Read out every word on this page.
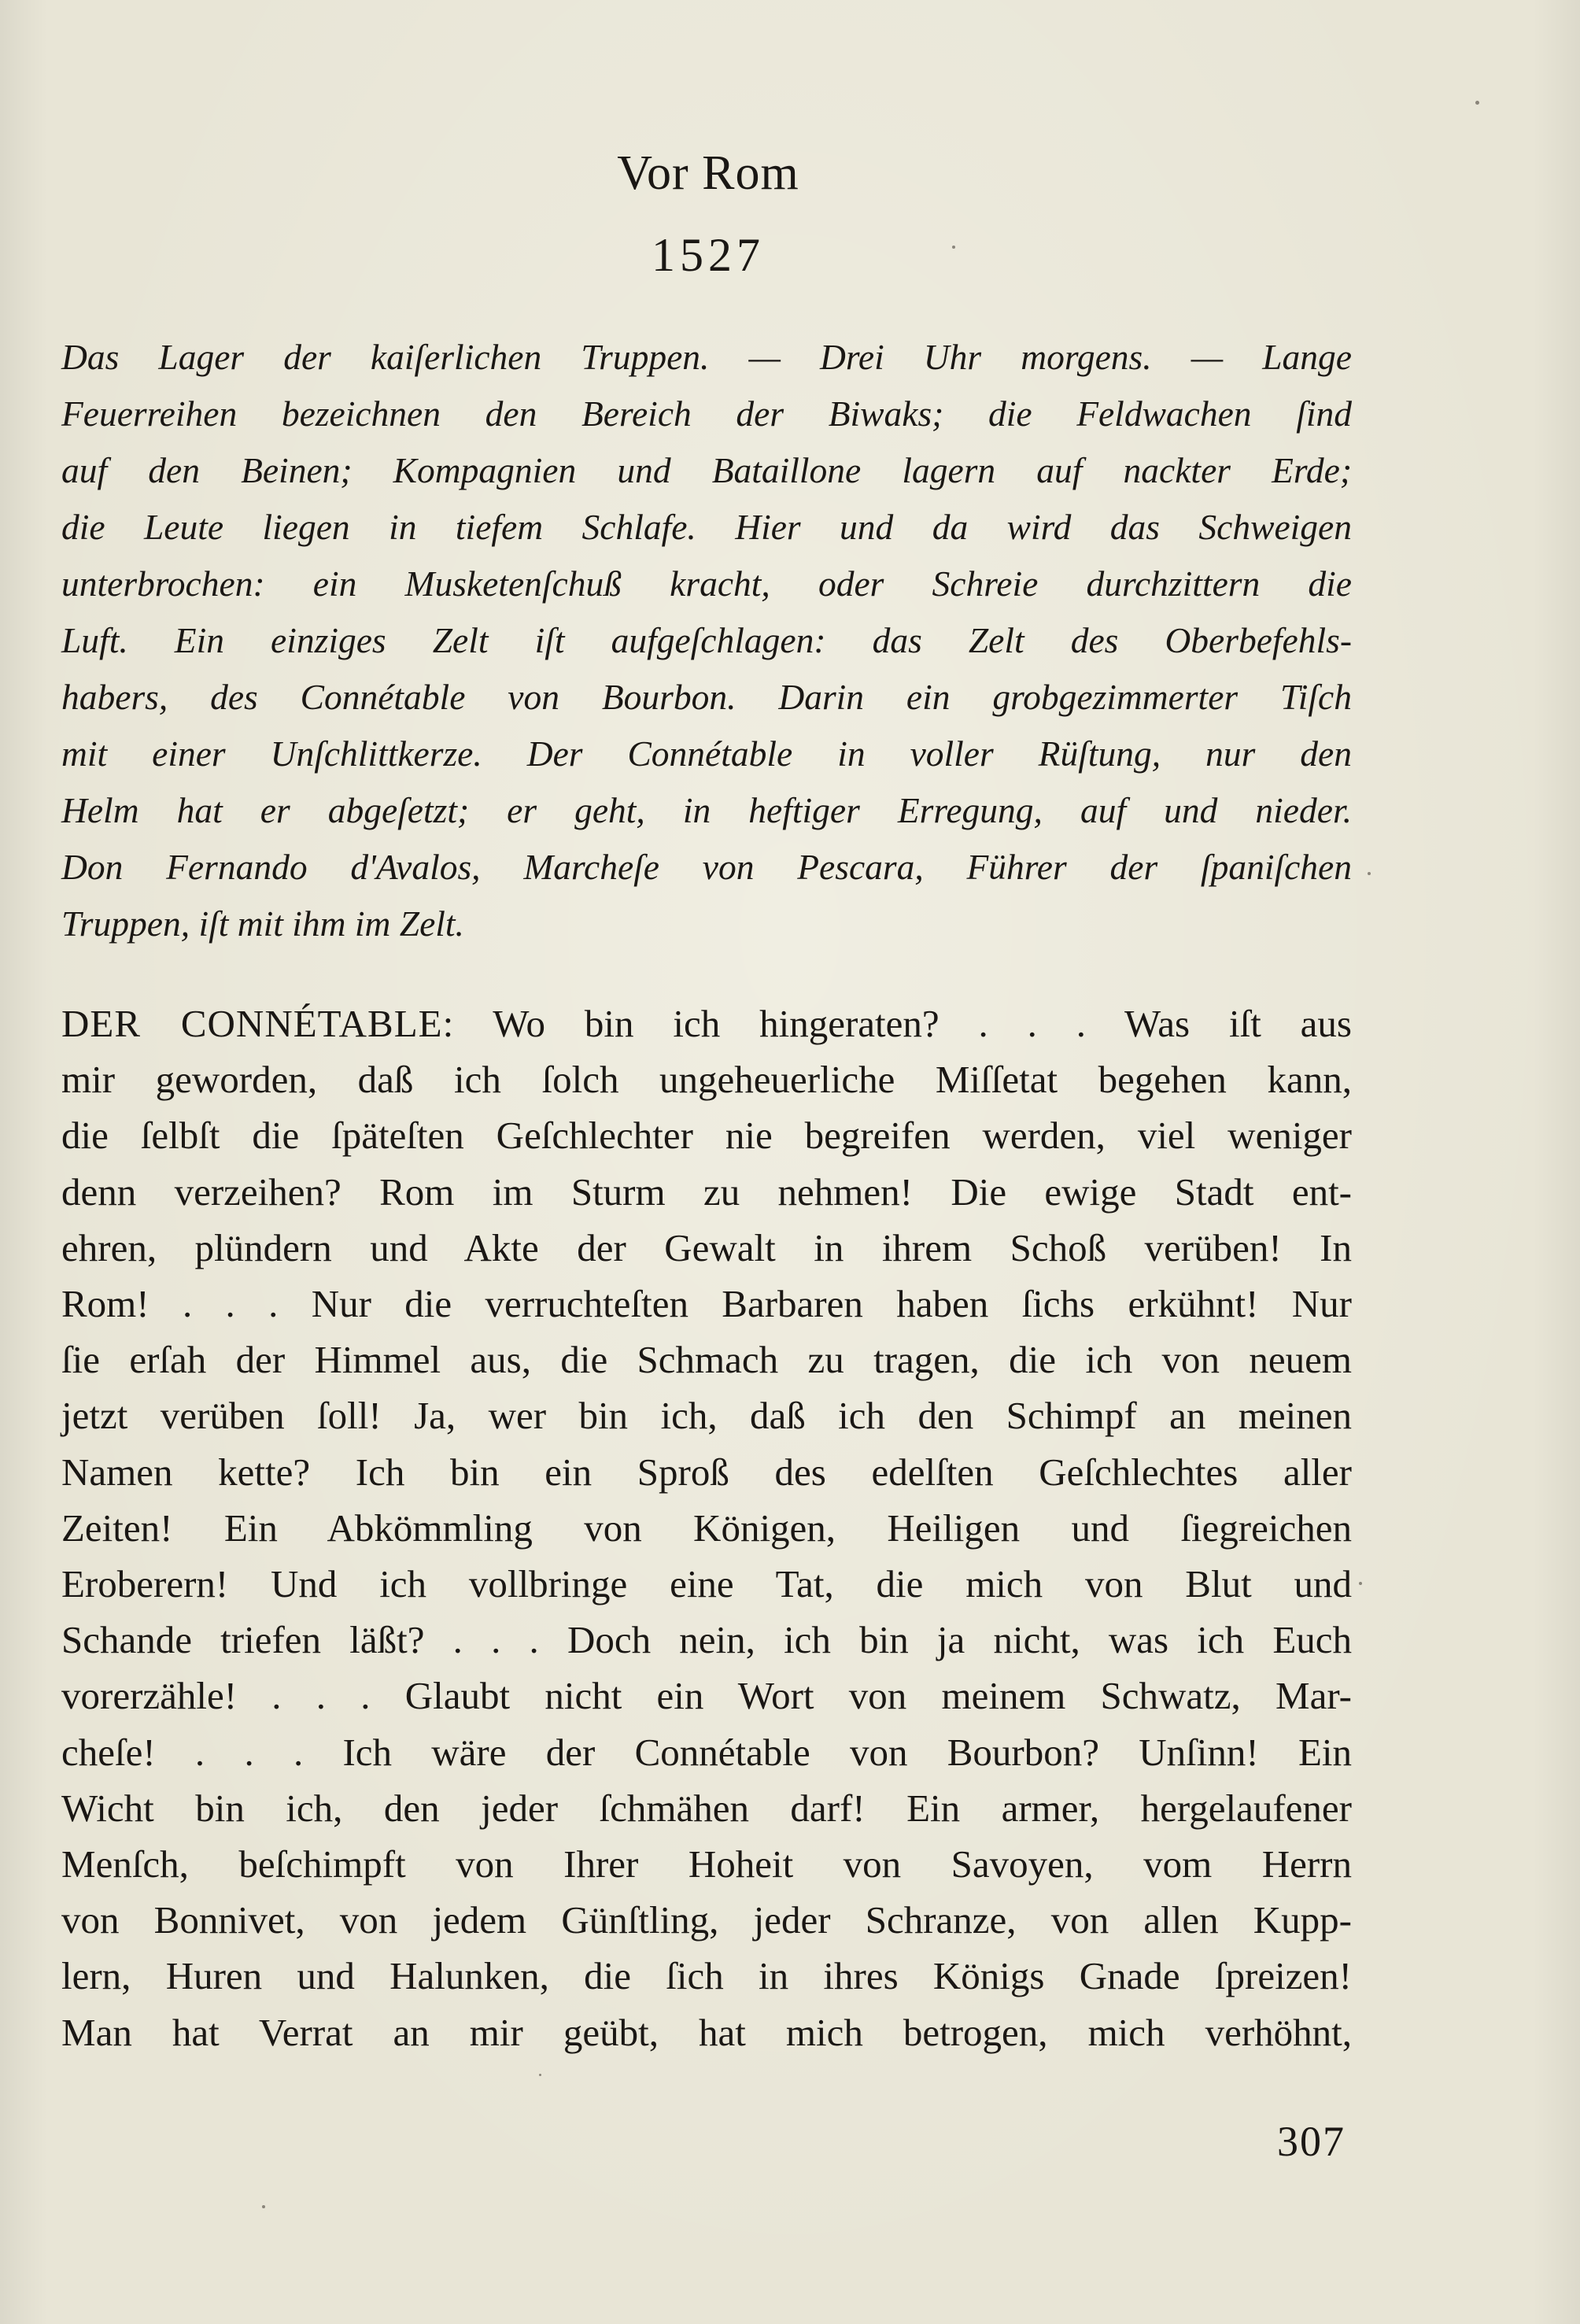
Vor Rom
1527
Das Lager der kaiſerlichen Truppen. — Drei Uhr morgens. — Lange
Feuerreihen bezeichnen den Bereich der Biwaks; die Feldwachen ſind
auf den Beinen; Kompagnien und Bataillone lagern auf nackter Erde;
die Leute liegen in tiefem Schlafe. Hier und da wird das Schweigen
unterbrochen: ein Musketenſchuß kracht, oder Schreie durchzittern die
Luft. Ein einziges Zelt iſt aufgeſchlagen: das Zelt des Oberbefehls-
habers, des Connétable von Bourbon. Darin ein grobgezimmerter Tiſch
mit einer Unſchlittkerze. Der Connétable in voller Rüſtung, nur den
Helm hat er abgeſetzt; er geht, in heftiger Erregung, auf und nieder.
Don Fernando d'Avalos, Marcheſe von Pescara, Führer der ſpaniſchen
Truppen, iſt mit ihm im Zelt.
DER CONNÉTABLE: Wo bin ich hingeraten? . . . Was iſt aus
mir geworden, daß ich ſolch ungeheuerliche Miſſetat begehen kann,
die ſelbſt die ſpäteſten Geſchlechter nie begreifen werden, viel weniger
denn verzeihen? Rom im Sturm zu nehmen! Die ewige Stadt ent-
ehren, plündern und Akte der Gewalt in ihrem Schoß verüben! In
Rom! . . . Nur die verruchteſten Barbaren haben ſichs erkühnt! Nur
ſie erſah der Himmel aus, die Schmach zu tragen, die ich von neuem
jetzt verüben ſoll! Ja, wer bin ich, daß ich den Schimpf an meinen
Namen kette? Ich bin ein Sproß des edelſten Geſchlechtes aller
Zeiten! Ein Abkömmling von Königen, Heiligen und ſiegreichen
Eroberern! Und ich vollbringe eine Tat, die mich von Blut und
Schande triefen läßt? . . . Doch nein, ich bin ja nicht, was ich Euch
vorerzähle! . . . Glaubt nicht ein Wort von meinem Schwatz, Mar-
cheſe! . . . Ich wäre der Connétable von Bourbon? Unſinn! Ein
Wicht bin ich, den jeder ſchmähen darf! Ein armer, hergelaufener
Menſch, beſchimpft von Ihrer Hoheit von Savoyen, vom Herrn
von Bonnivet, von jedem Günſtling, jeder Schranze, von allen Kupp-
lern, Huren und Halunken, die ſich in ihres Königs Gnade ſpreizen!
Man hat Verrat an mir geübt, hat mich betrogen, mich verhöhnt,
307
